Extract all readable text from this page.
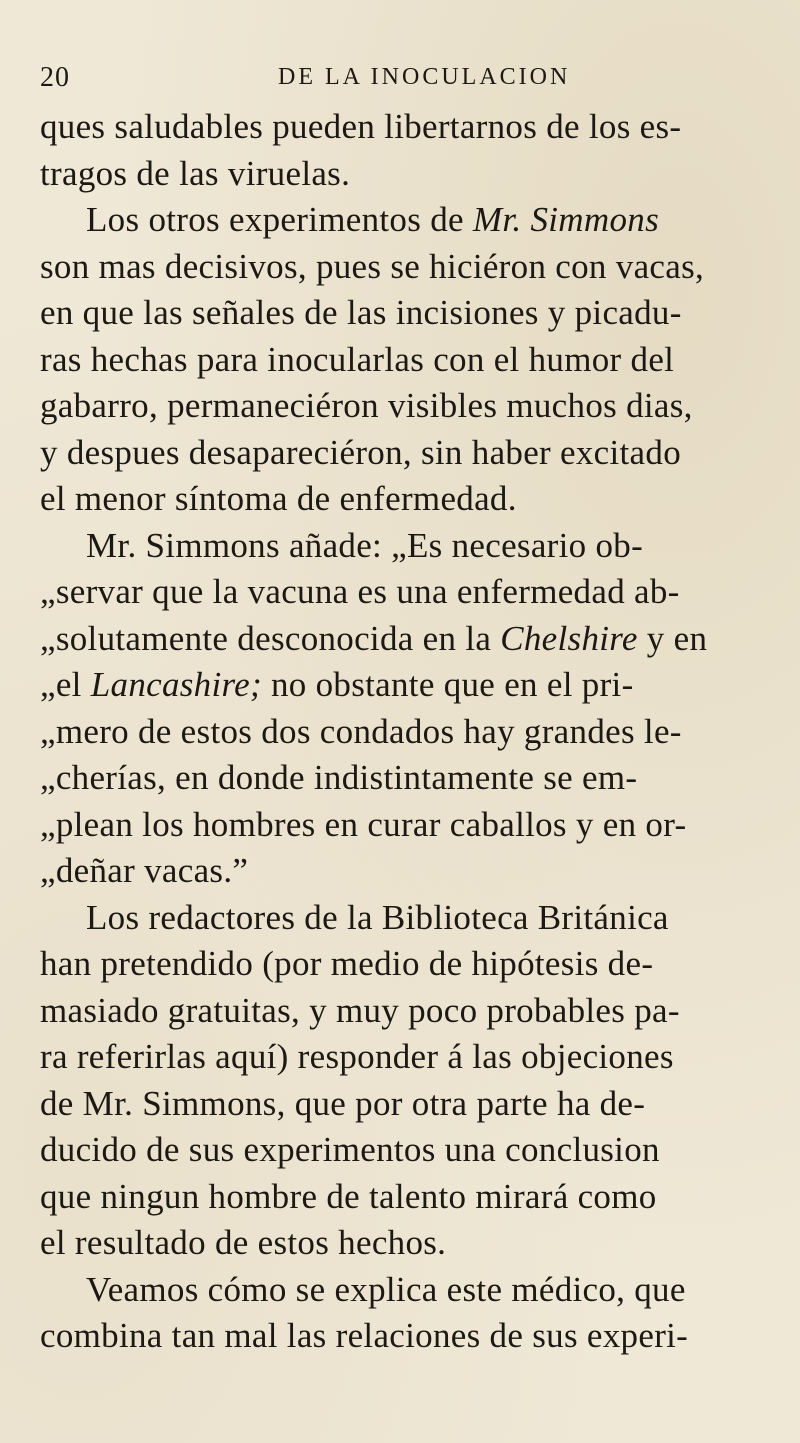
20	DE LA INOCULACION
ques saludables pueden libertarnos de los es-
tragos de las viruelas.
Los otros experimentos de Mr. Simmons
son mas decisivos, pues se hiciéron con vacas,
en que las señales de las incisiones y picadu-
ras hechas para inocularlas con el humor del
gabarro, permaneciéron visibles muchos dias,
y despues desapareciéron, sin haber excitado
el menor síntoma de enfermedad.
Mr. Simmons añade: „Es necesario ob-
„servar que la vacuna es una enfermedad ab-
„solutamente desconocida en la Chelshire y en
„el Lancashire; no obstante que en el pri-
„mero de estos dos condados hay grandes le-
„cherías, en donde indistintamente se em-
„plean los hombres en curar caballos y en or-
„deñar vacas.”
Los redactores de la Biblioteca Británica
han pretendido (por medio de hipótesis de-
masiado gratuitas, y muy poco probables pa-
ra referirlas aquí) responder á las objeciones
de Mr. Simmons, que por otra parte ha de-
ducido de sus experimentos una conclusion
que ningun hombre de talento mirará como
el resultado de estos hechos.
Veamos cómo se explica este médico, que
combina tan mal las relaciones de sus experi-
